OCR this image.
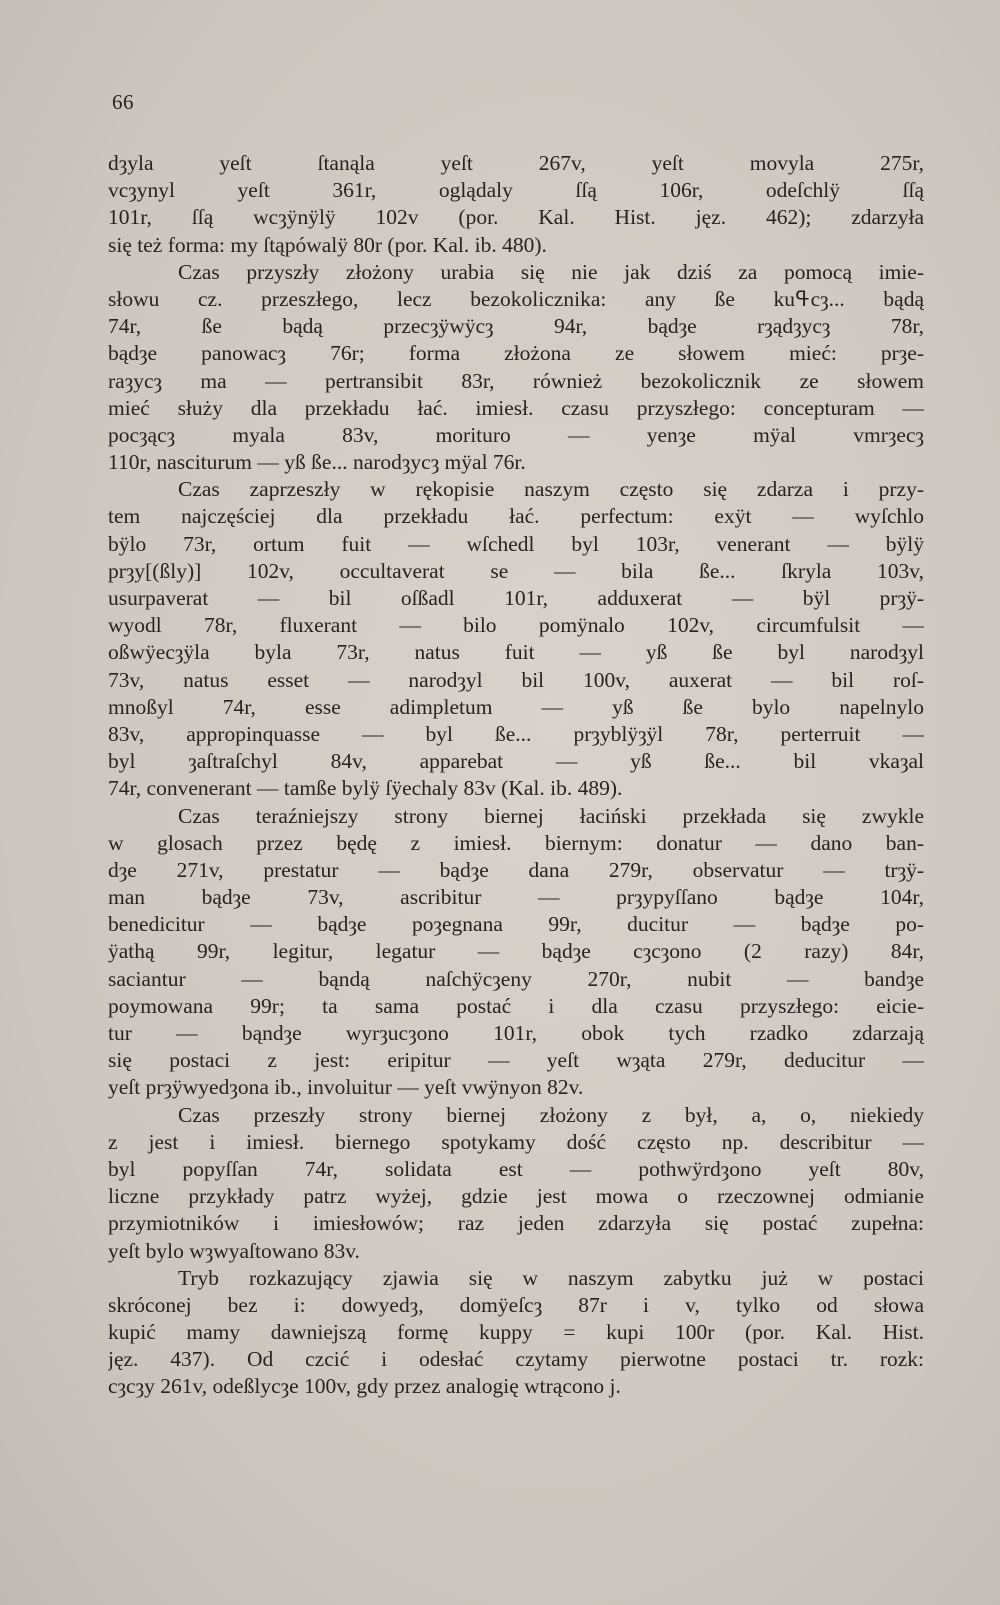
66
dȝyla yeſt ſtanąla yeſt 267v, yeſt movyla 275r,
vcȝynyl yeſt 361r, oglądaly ſſą 106r, odeſchlÿ ſſą
101r, ſſą wcȝÿnÿlÿ 102v (por. Kal. Hist. jęz. 462); zdarzyła
się też forma: my ſtąpówalÿ 80r (por. Kal. ib. 480).
Czas przyszły złożony urabia się nie jak dziś za pomocą imie-
słowu cz. przeszłego, lecz bezokolicznika: any ße kuߟcȝ... bądą
74r, ße bądą przecȝÿwÿcȝ 94r, bądȝe rȝądȝycȝ 78r,
bądȝe panowacȝ 76r; forma złożona ze słowem mieć: prȝe-
raȝycȝ ma — pertransibit 83r, również bezokolicznik ze słowem
mieć służy dla przekładu łać. imiesł. czasu przyszłego: concepturam —
pocȝącȝ myala 83v, morituro — yenȝe mÿal vmrȝecȝ
110r, nasciturum — yß ße... narodȝycȝ mÿal 76r.
Czas zaprzeszły w rękopisie naszym często się zdarza i przy-
tem najczęściej dla przekładu łać. perfectum: exÿt — wyſchlo
bÿlo 73r, ortum fuit — wſchedl byl 103r, venerant — bÿlÿ
prȝy[(ßly)] 102v, occultaverat se — bila ße... ſkryla 103v,
usurpaverat — bil oſßadl 101r, adduxerat — bÿl prȝÿ-
wyodl 78r, fluxerant — bilo pomÿnalo 102v, circumfulsit —
oßwÿecȝÿla byla 73r, natus fuit — yß ße byl narodȝyl
73v, natus esset — narodȝyl bil 100v, auxerat — bil roſ-
mnoßyl 74r, esse adimpletum — yß ße bylo napelnylo
83v, appropinquasse — byl ße... prȝyblÿȝÿl 78r, perterruit —
byl ȝaſtraſchyl 84v, apparebat — yß ße... bil vkaȝal
74r, convenerant — tamße bylÿ ſÿechaly 83v (Kal. ib. 489).
Czas teraźniejszy strony biernej łaciński przekłada się zwykle
w glosach przez będę z imiesł. biernym: donatur — dano ban-
dȝe 271v, prestatur — bądȝe dana 279r, observatur — trȝÿ-
man bądȝe 73v, ascribitur — prȝypyſſano bądȝe 104r,
benedicitur — bądȝe poȝegnana 99r, ducitur — bądȝe po-
ÿathą 99r, legitur, legatur — bądȝe cȝcȝono (2 razy) 84r,
saciantur — bąndą naſchÿcȝeny 270r, nubit — bandȝe
poymowana 99r; ta sama postać i dla czasu przyszłego: eicie-
tur — bąndȝe wyrȝucȝono 101r, obok tych rzadko zdarzają
się postaci z jest: eripitur — yeſt wȝąta 279r, deducitur —
yeſt prȝÿwyedȝona ib., involuitur — yeſt vwÿnyon 82v.
Czas przeszły strony biernej złożony z był, a, o, niekiedy
z jest i imiesł. biernego spotykamy dość często np. describitur —
byl popyſſan 74r, solidata est — pothwÿrdȝono yeſt 80v,
liczne przykłady patrz wyżej, gdzie jest mowa o rzeczownej odmianie
przymiotników i imiesłowów; raz jeden zdarzyła się postać zupełna:
yeſt bylo wȝwyaſtowano 83v.
Tryb rozkazujący zjawia się w naszym zabytku już w postaci
skróconej bez i: dowyedȝ, domÿeſcȝ 87r i v, tylko od słowa
kupić mamy dawniejszą formę kuppy = kupi 100r (por. Kal. Hist.
jęz. 437). Od czcić i odesłać czytamy pierwotne postaci tr. rozk:
cȝcȝy 261v, odeßlycȝe 100v, gdy przez analogię wtrącono j.
